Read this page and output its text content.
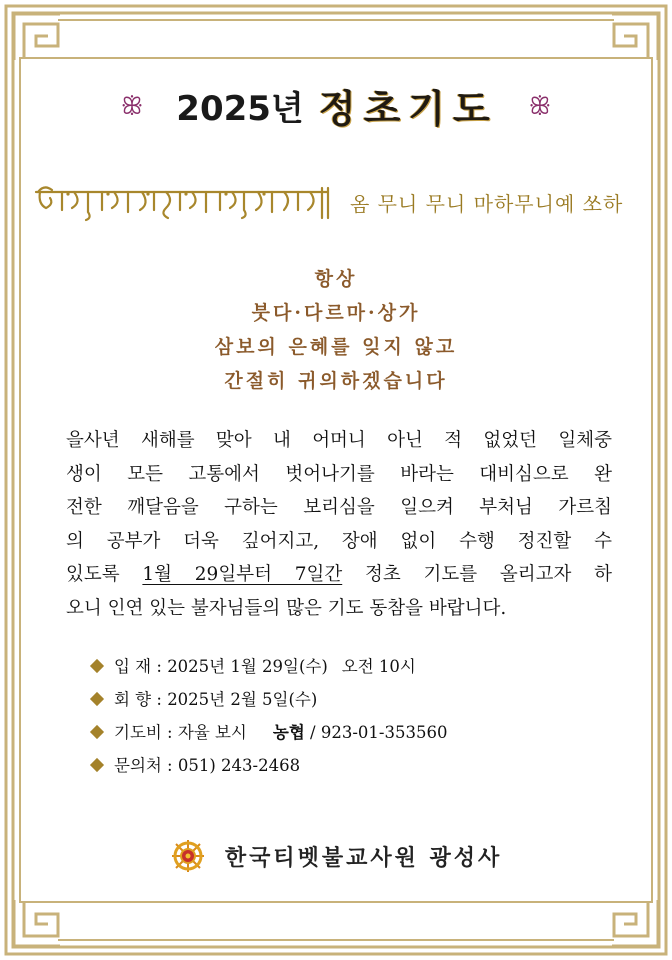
ꕥ 2025년 정초기도 ꕥ
옴 무니 무니 마하무니예 쏘하
항상
붓다·다르마·상가
삼보의 은혜를 잊지 않고
간절히 귀의하겠습니다
을사년 새해를 맞아 내 어머니 아닌 적 없었던 일체중
생이 모든 고통에서 벗어나기를 바라는 대비심으로 완
전한 깨달음을 구하는 보리심을 일으켜 부처님 가르침
의 공부가 더욱 깊어지고, 장애 없이 수행 정진할 수
있도록 1월 29일부터 7일간 정초 기도를 올리고자 하
오니 인연 있는 불자님들의 많은 기도 동참을 바랍니다.
입 재 : 2025년 1월 29일(수) 오전 10시
회 향 : 2025년 2월 5일(수)
기도비 : 자율 보시 농협 / 923-01-353560
문의처 : 051) 243-2468
한국티벳불교사원 광성사
